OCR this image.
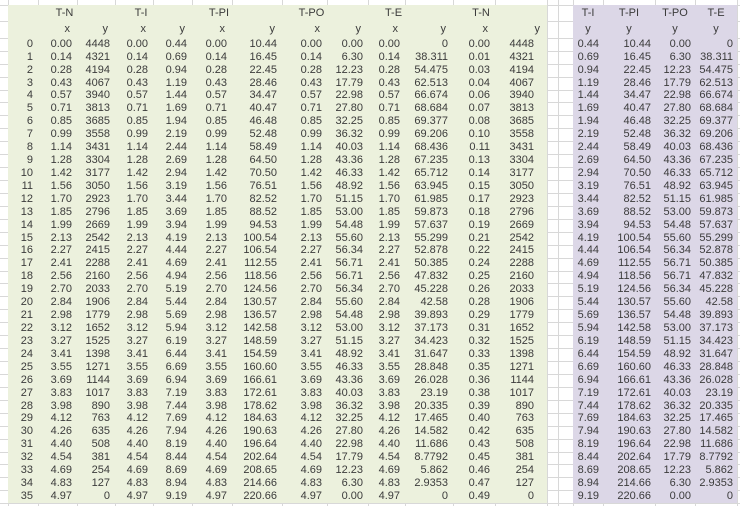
T-N	T-I	T-PI	T-PO	T-E	T-N
x	y	x	y	x	y	x	y	x	y	x	y
0	0.00	4448	0.00	0.44	0.00	10.44	0.00	0.00	0.00	0	0.00	4448
1	0.14	4321	0.14	0.69	0.14	16.45	0.14	6.30	0.14	38.311	0.01	4321
2	0.28	4194	0.28	0.94	0.28	22.45	0.28	12.23	0.28	54.475	0.03	4194
3	0.43	4067	0.43	1.19	0.43	28.46	0.43	17.79	0.43	62.513	0.04	4067
4	0.57	3940	0.57	1.44	0.57	34.47	0.57	22.98	0.57	66.674	0.06	3940
5	0.71	3813	0.71	1.69	0.71	40.47	0.71	27.80	0.71	68.684	0.07	3813
6	0.85	3685	0.85	1.94	0.85	46.48	0.85	32.25	0.85	69.377	0.08	3685
7	0.99	3558	0.99	2.19	0.99	52.48	0.99	36.32	0.99	69.206	0.10	3558
8	1.14	3431	1.14	2.44	1.14	58.49	1.14	40.03	1.14	68.436	0.11	3431
9	1.28	3304	1.28	2.69	1.28	64.50	1.28	43.36	1.28	67.235	0.13	3304
10	1.42	3177	1.42	2.94	1.42	70.50	1.42	46.33	1.42	65.712	0.14	3177
11	1.56	3050	1.56	3.19	1.56	76.51	1.56	48.92	1.56	63.945	0.15	3050
12	1.70	2923	1.70	3.44	1.70	82.52	1.70	51.15	1.70	61.985	0.17	2923
13	1.85	2796	1.85	3.69	1.85	88.52	1.85	53.00	1.85	59.873	0.18	2796
14	1.99	2669	1.99	3.94	1.99	94.53	1.99	54.48	1.99	57.637	0.19	2669
15	2.13	2542	2.13	4.19	2.13	100.54	2.13	55.60	2.13	55.299	0.21	2542
16	2.27	2415	2.27	4.44	2.27	106.54	2.27	56.34	2.27	52.878	0.22	2415
17	2.41	2288	2.41	4.69	2.41	112.55	2.41	56.71	2.41	50.385	0.24	2288
18	2.56	2160	2.56	4.94	2.56	118.56	2.56	56.71	2.56	47.832	0.25	2160
19	2.70	2033	2.70	5.19	2.70	124.56	2.70	56.34	2.70	45.228	0.26	2033
20	2.84	1906	2.84	5.44	2.84	130.57	2.84	55.60	2.84	42.58	0.28	1906
21	2.98	1779	2.98	5.69	2.98	136.57	2.98	54.48	2.98	39.893	0.29	1779
22	3.12	1652	3.12	5.94	3.12	142.58	3.12	53.00	3.12	37.173	0.31	1652
23	3.27	1525	3.27	6.19	3.27	148.59	3.27	51.15	3.27	34.423	0.32	1525
24	3.41	1398	3.41	6.44	3.41	154.59	3.41	48.92	3.41	31.647	0.33	1398
25	3.55	1271	3.55	6.69	3.55	160.60	3.55	46.33	3.55	28.848	0.35	1271
26	3.69	1144	3.69	6.94	3.69	166.61	3.69	43.36	3.69	26.028	0.36	1144
27	3.83	1017	3.83	7.19	3.83	172.61	3.83	40.03	3.83	23.19	0.38	1017
28	3.98	890	3.98	7.44	3.98	178.62	3.98	36.32	3.98	20.335	0.39	890
29	4.12	763	4.12	7.69	4.12	184.63	4.12	32.25	4.12	17.465	0.40	763
30	4.26	635	4.26	7.94	4.26	190.63	4.26	27.80	4.26	14.582	0.42	635
31	4.40	508	4.40	8.19	4.40	196.64	4.40	22.98	4.40	11.686	0.43	508
32	4.54	381	4.54	8.44	4.54	202.64	4.54	17.79	4.54	8.7792	0.45	381
33	4.69	254	4.69	8.69	4.69	208.65	4.69	12.23	4.69	5.862	0.46	254
34	4.83	127	4.83	8.94	4.83	214.66	4.83	6.30	4.83	2.9353	0.47	127
35	4.97	0	4.97	9.19	4.97	220.66	4.97	0.00	4.97	0	0.49	0
T-I	T-PI	T-PO	T-E
y	y	y	y
0.44	10.44	0.00	0
0.69	16.45	6.30 38.311
0.94	22.45	12.23 54.475
1.19	28.46	17.79 62.513
1.44	34.47	22.98 66.674
1.69	40.47	27.80 68.684
1.94	46.48	32.25 69.377
2.19	52.48	36.32 69.206
2.44	58.49	40.03 68.436
2.69	64.50	43.36 67.235
2.94	70.50	46.33 65.712
3.19	76.51	48.92 63.945
3.44	82.52	51.15 61.985
3.69	88.52	53.00 59.873
3.94	94.53	54.48 57.637
4.19	100.54	55.60 55.299
4.44	106.54	56.34 52.878
4.69	112.55	56.71 50.385
4.94	118.56	56.71 47.832
5.19	124.56	56.34 45.228
5.44	130.57	55.60	42.58
5.69	136.57	54.48 39.893
5.94	142.58	53.00 37.173
6.19	148.59	51.15 34.423
6.44	154.59	48.92 31.647
6.69	160.60	46.33 28.848
6.94	166.61	43.36 26.028
7.19	172.61	40.03	23.19
7.44	178.62	36.32 20.335
7.69	184.63	32.25 17.465
7.94	190.63	27.80 14.582
8.19	196.64	22.98 11.686
8.44	202.64	17.79 8.7792
8.69	208.65	12.23	5.862
8.94	214.66	6.30 2.9353
9.19	220.66	0.00	0
